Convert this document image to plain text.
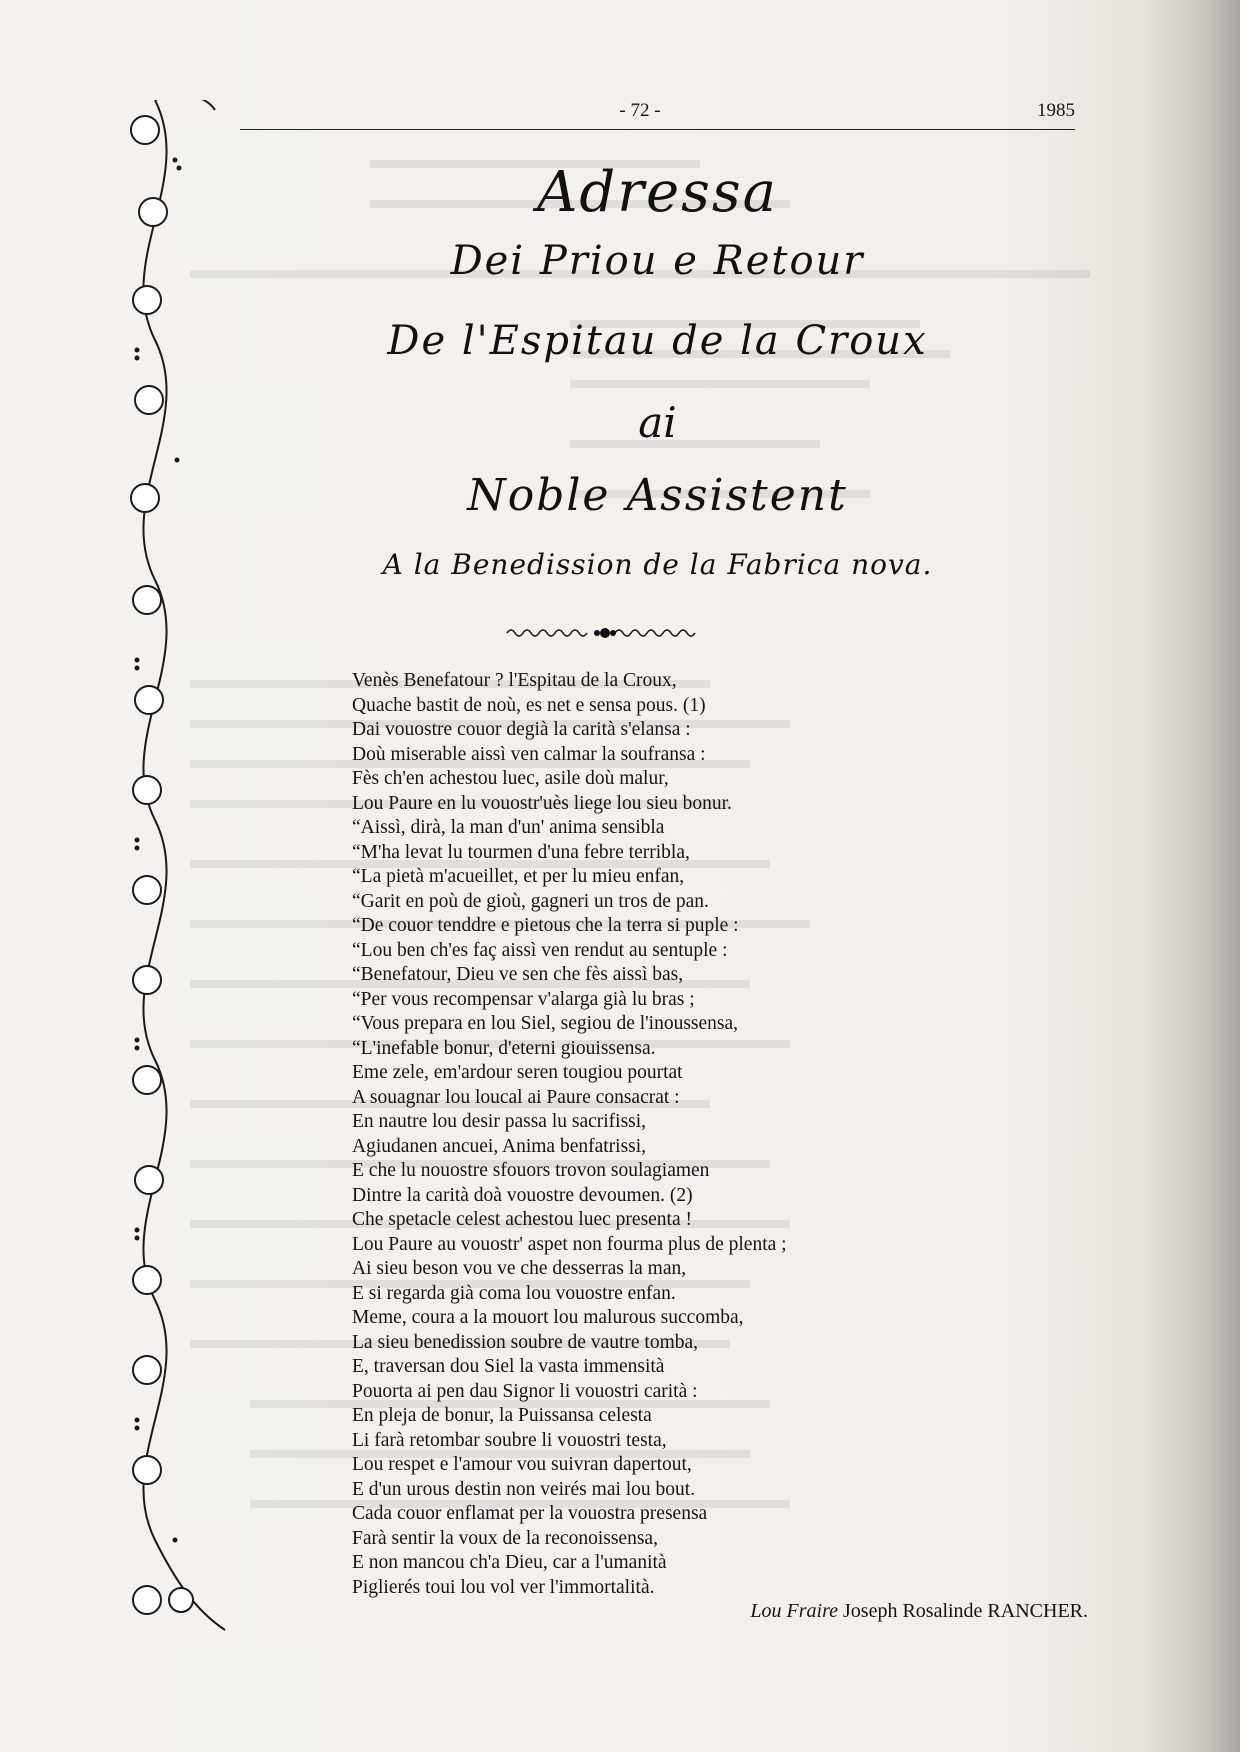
- 72 -	1985
Adressa
Dei Priou e Retour
De l'Espitau de la Croux
ai
Noble Assistent
A la Benedission de la Fabrica nova.
Venès Benefatour ? l'Espitau de la Croux,
Quache bastit de noù, es net e sensa pous. (1)
Dai vouostre couor degià la carità s'elansa :
Doù miserable aissì ven calmar la soufransa :
Fès ch'en achestou luec, asile doù malur,
Lou Paure en lu vouostr'uès liege lou sieu bonur.
“Aissì, dirà, la man d'un' anima sensibla
“M'ha levat lu tourmen d'una febre terribla,
“La pietà m'acueillet, et per lu mieu enfan,
“Garit en poù de gioù, gagneri un tros de pan.
“De couor tenddre e pietous che la terra si puple :
“Lou ben ch'es faç aissì ven rendut au sentuple :
“Benefatour, Dieu ve sen che fès aissì bas,
“Per vous recompensar v'alarga già lu bras ;
“Vous prepara en lou Siel, segiou de l'inoussensa,
“L'inefable bonur, d'eterni giouissensa.
Eme zele, em'ardour seren tougiou pourtat
A souagnar lou loucal ai Paure consacrat :
En nautre lou desir passa lu sacrifissi,
Agiudanen ancuei, Anima benfatrissi,
E che lu nouostre sfouors trovon soulagiamen
Dintre la carità doà vouostre devoumen. (2)
Che spetacle celest achestou luec presenta !
Lou Paure au vouostr' aspet non fourma plus de plenta ;
Ai sieu beson vou ve che desserras la man,
E si regarda già coma lou vouostre enfan.
Meme, coura a la mouort lou malurous succomba,
La sieu benedission soubre de vautre tomba,
E, traversan dou Siel la vasta immensità
Pouorta ai pen dau Signor li vouostri carità :
En pleja de bonur, la Puissansa celesta
Li farà retombar soubre li vouostri testa,
Lou respet e l'amour vou suivran dapertout,
E d'un urous destin non veirés mai lou bout.
Cada couor enflamat per la vouostra presensa
Farà sentir la voux de la reconoissensa,
E non mancou ch'a Dieu, car a l'umanità
Piglierés toui lou vol ver l'immortalità.
Lou Fraire Joseph Rosalinde RANCHER.
